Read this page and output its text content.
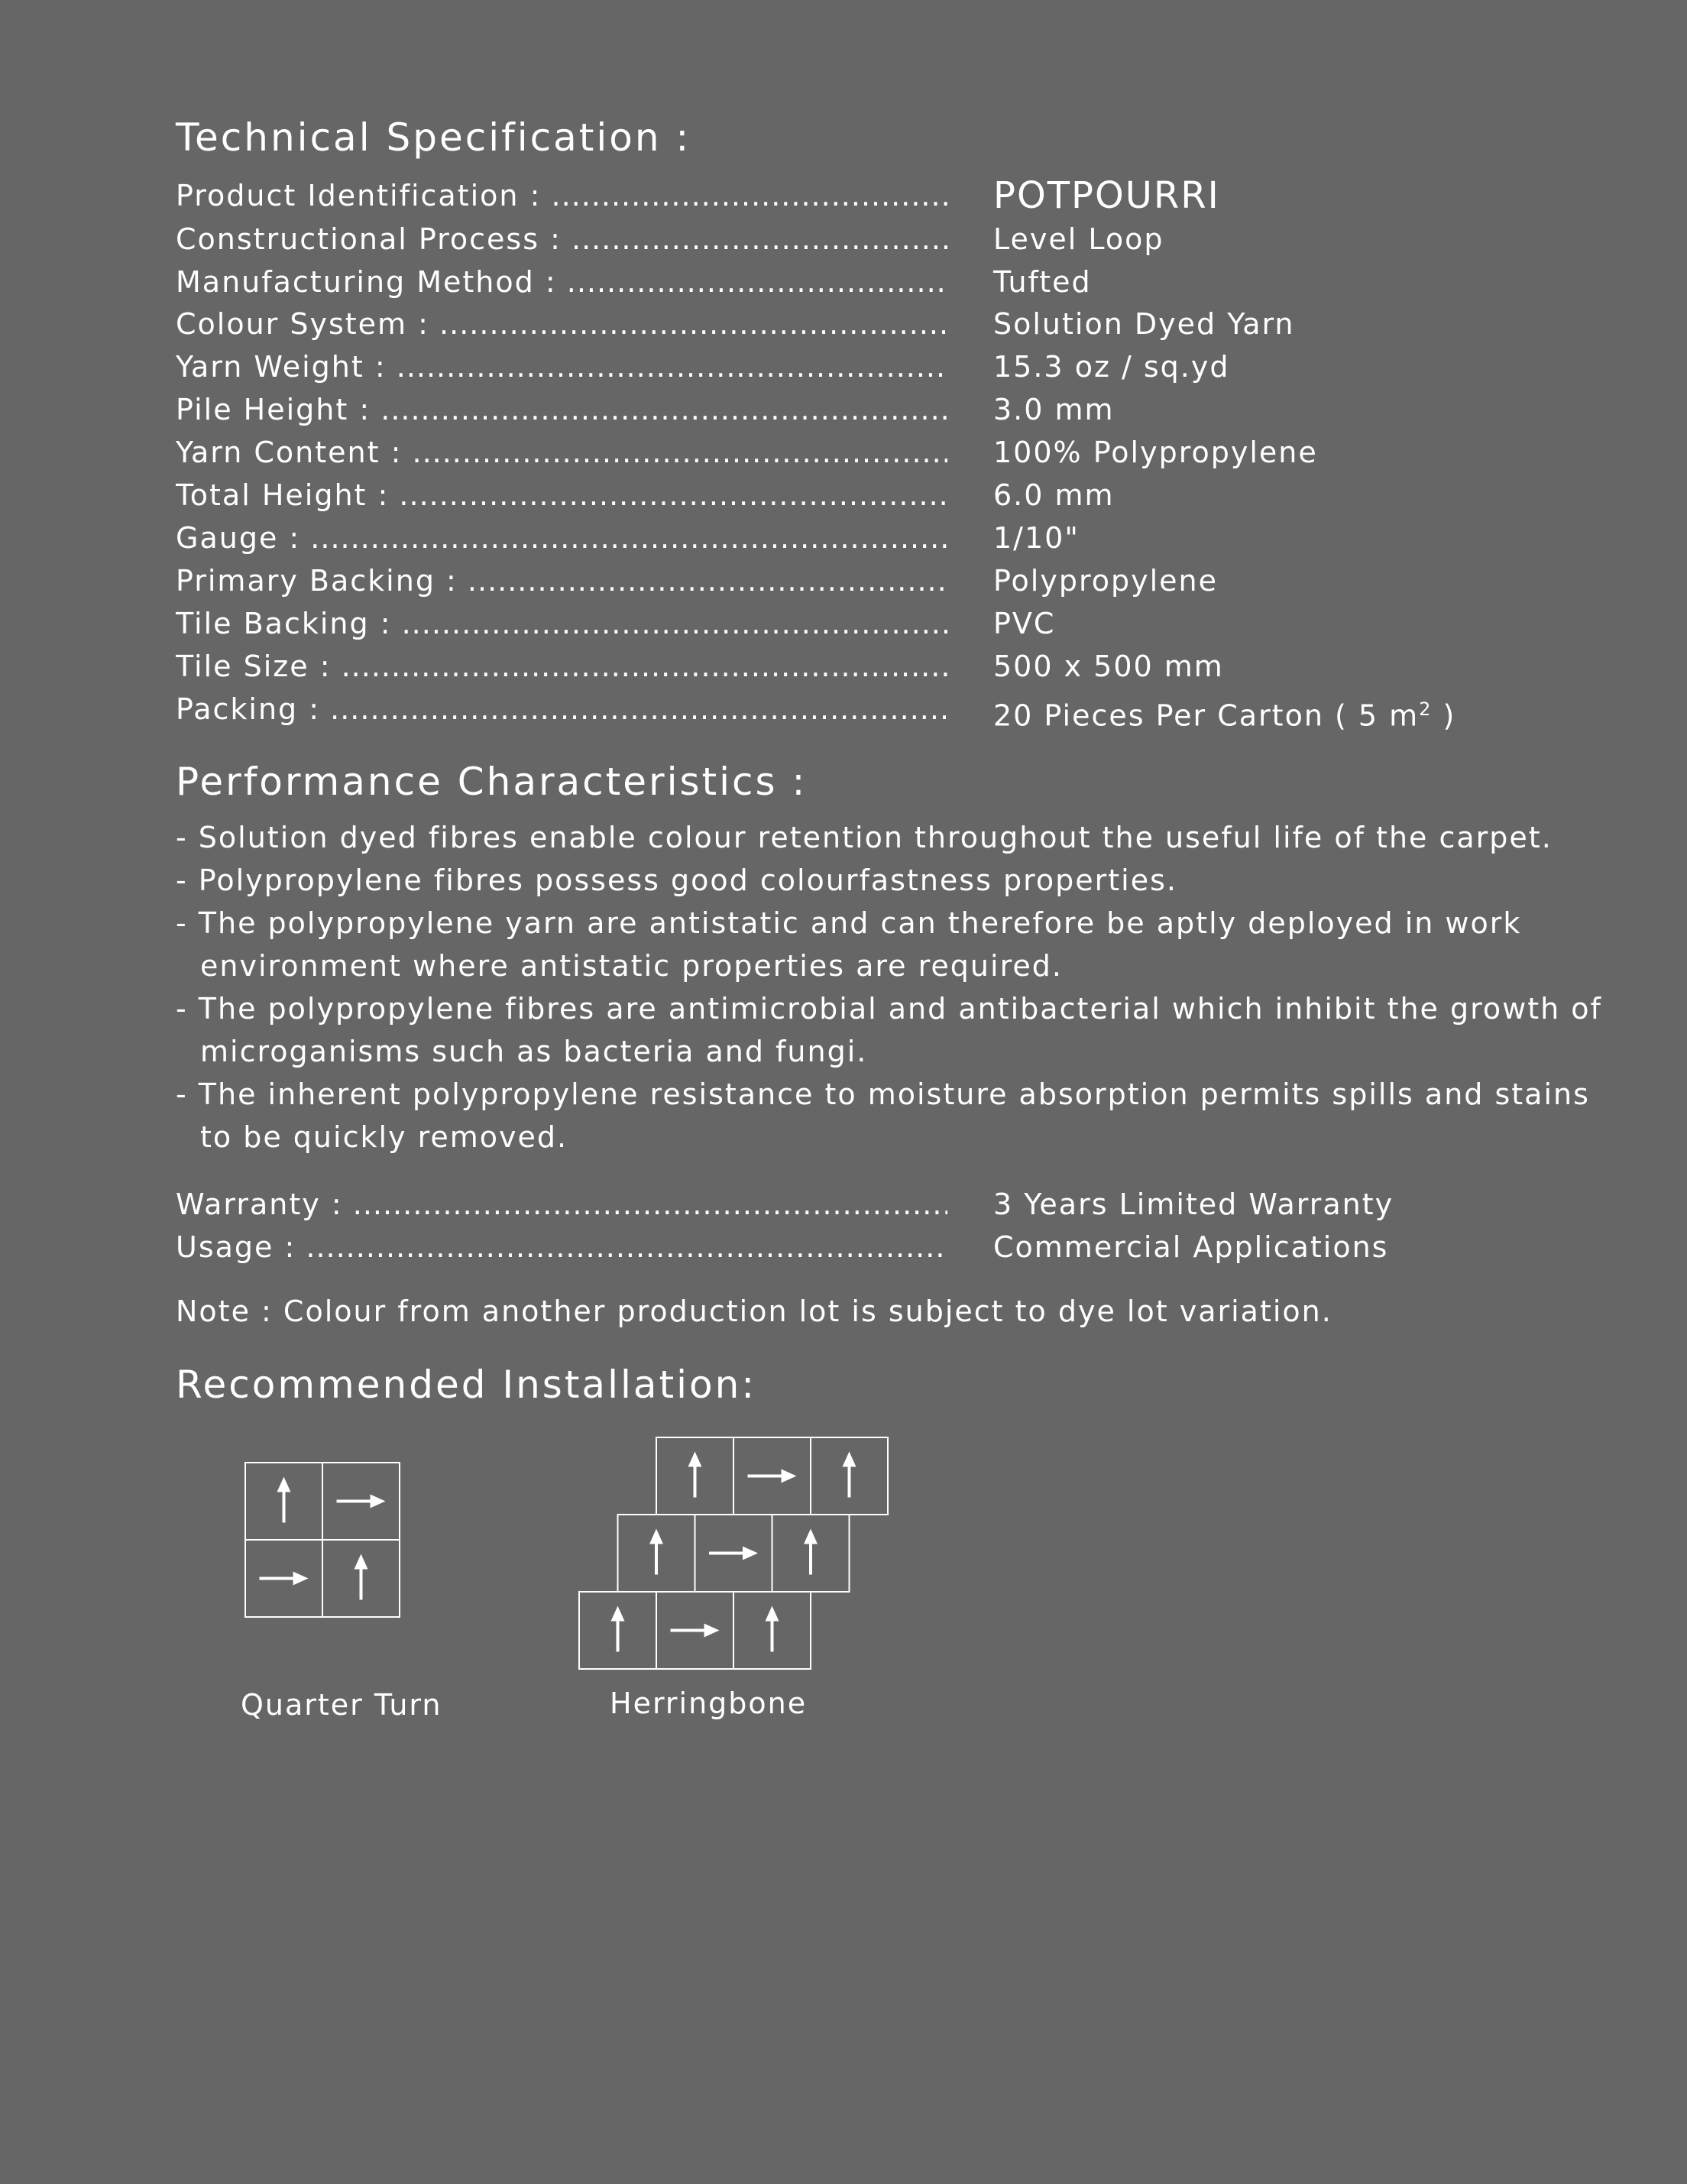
Technical Specification :
Product Identification : .....	POTPOURRI
Constructional Process : .....	Level Loop
Manufacturing Method : .....	Tufted
Colour System : .....	Solution Dyed Yarn
Yarn Weight : .....	15.3 oz / sq.yd
Pile Height : .....	3.0 mm
Yarn Content : .....	100% Polypropylene
Total Height : .....	6.0 mm
Gauge : .....	1/10"
Primary Backing : .....	Polypropylene
Tile Backing : .....	PVC
Tile Size : .....	500 x 500 mm
Packing : .....	20 Pieces Per Carton ( 5 $m^2$ )
Performance Characteristics :
- Solution dyed fibres enable colour retention throughout the useful life of the carpet.
- Polypropylene fibres possess good colourfastness properties.
- The polypropylene yarn are antistatic and can therefore be aptly deployed in work environment where antistatic properties are required.
- The polypropylene fibres are antimicrobial and antibacterial which inhibit the growth of microganisms such as bacteria and fungi.
- The inherent polypropylene resistance to moisture absorption permits spills and stains to be quickly removed.
Warranty : .....	3 Years Limited Warranty
Usage : .....	Commercial Applications

Note : Colour from another production lot is subject to dye lot variation.

Recommended Installation:

Quarter Turn	Herringbone
